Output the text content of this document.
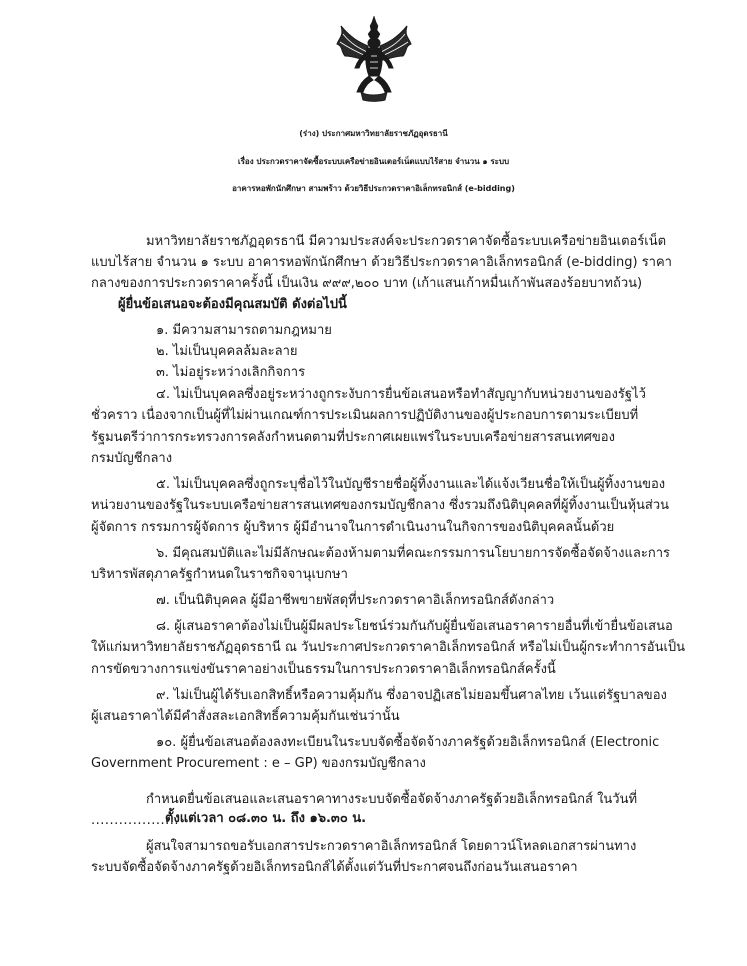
(ร่าง) ประกาศมหาวิทยาลัยราชภัฏอุดรธานี
เรื่อง ประกวดราคาจัดซื้อระบบเครือข่ายอินเตอร์เน็ตแบบไร้สาย จำนวน ๑ ระบบ
อาคารหอพักนักศึกษา สามพร้าว ด้วยวิธีประกวดราคาอิเล็กทรอนิกส์ (e-bidding)
มหาวิทยาลัยราชภัฏอุดรธานี มีความประสงค์จะประกวดราคาจัดซื้อระบบเครือข่ายอินเตอร์เน็ต
แบบไร้สาย จำนวน ๑ ระบบ อาคารหอพักนักศึกษา ด้วยวิธีประกวดราคาอิเล็กทรอนิกส์ (e-bidding) ราคา
กลางของการประกวดราคาครั้งนี้ เป็นเงิน ๙๙๙,๒๐๐ บาท (เก้าแสนเก้าหมื่นเก้าพันสองร้อยบาทถ้วน)
ผู้ยื่นข้อเสนอจะต้องมีคุณสมบัติ ดังต่อไปนี้
๑. มีความสามารถตามกฎหมาย
๒. ไม่เป็นบุคคลล้มละลาย
๓. ไม่อยู่ระหว่างเลิกกิจการ
๔. ไม่เป็นบุคคลซึ่งอยู่ระหว่างถูกระงับการยื่นข้อเสนอหรือทำสัญญากับหน่วยงานของรัฐไว้
ชั่วคราว เนื่องจากเป็นผู้ที่ไม่ผ่านเกณฑ์การประเมินผลการปฏิบัติงานของผู้ประกอบการตามระเบียบที่
รัฐมนตรีว่าการกระทรวงการคลังกำหนดตามที่ประกาศเผยแพร่ในระบบเครือข่ายสารสนเทศของ
กรมบัญชีกลาง
๕. ไม่เป็นบุคคลซึ่งถูกระบุชื่อไว้ในบัญชีรายชื่อผู้ทิ้งงานและได้แจ้งเวียนชื่อให้เป็นผู้ทิ้งงานของ
หน่วยงานของรัฐในระบบเครือข่ายสารสนเทศของกรมบัญชีกลาง ซึ่งรวมถึงนิติบุคคลที่ผู้ทิ้งงานเป็นหุ้นส่วน
ผู้จัดการ กรรมการผู้จัดการ ผู้บริหาร ผู้มีอำนาจในการดำเนินงานในกิจการของนิติบุคคลนั้นด้วย
๖. มีคุณสมบัติและไม่มีลักษณะต้องห้ามตามที่คณะกรรมการนโยบายการจัดซื้อจัดจ้างและการ
บริหารพัสดุภาครัฐกำหนดในราชกิจจานุเบกษา
๗. เป็นนิติบุคคล ผู้มีอาชีพขายพัสดุที่ประกวดราคาอิเล็กทรอนิกส์ดังกล่าว
๘. ผู้เสนอราคาต้องไม่เป็นผู้มีผลประโยชน์ร่วมกันกับผู้ยื่นข้อเสนอราคารายอื่นที่เข้ายื่นข้อเสนอ
ให้แก่มหาวิทยาลัยราชภัฏอุดรธานี ณ วันประกาศประกวดราคาอิเล็กทรอนิกส์ หรือไม่เป็นผู้กระทำการอันเป็น
การขัดขวางการแข่งขันราคาอย่างเป็นธรรมในการประกวดราคาอิเล็กทรอนิกส์ครั้งนี้
๙. ไม่เป็นผู้ได้รับเอกสิทธิ์หรือความคุ้มกัน ซึ่งอาจปฏิเสธไม่ยอมขึ้นศาลไทย เว้นแต่รัฐบาลของ
ผู้เสนอราคาได้มีคำสั่งสละเอกสิทธิ์ความคุ้มกันเช่นว่านั้น
๑๐. ผู้ยื่นข้อเสนอต้องลงทะเบียนในระบบจัดซื้อจัดจ้างภาครัฐด้วยอิเล็กทรอนิกส์ (Electronic
Government Procurement : e – GP) ของกรมบัญชีกลาง
กำหนดยื่นข้อเสนอและเสนอราคาทางระบบจัดซื้อจัดจ้างภาครัฐด้วยอิเล็กทรอนิกส์ ในวันที่
...................
ตั้งแต่เวลา ๐๘.๓๐ น. ถึง ๑๖.๓๐ น.
ผู้สนใจสามารถขอรับเอกสารประกวดราคาอิเล็กทรอนิกส์ โดยดาวน์โหลดเอกสารผ่านทาง
ระบบจัดซื้อจัดจ้างภาครัฐด้วยอิเล็กทรอนิกส์ได้ตั้งแต่วันที่ประกาศจนถึงก่อนวันเสนอราคา
